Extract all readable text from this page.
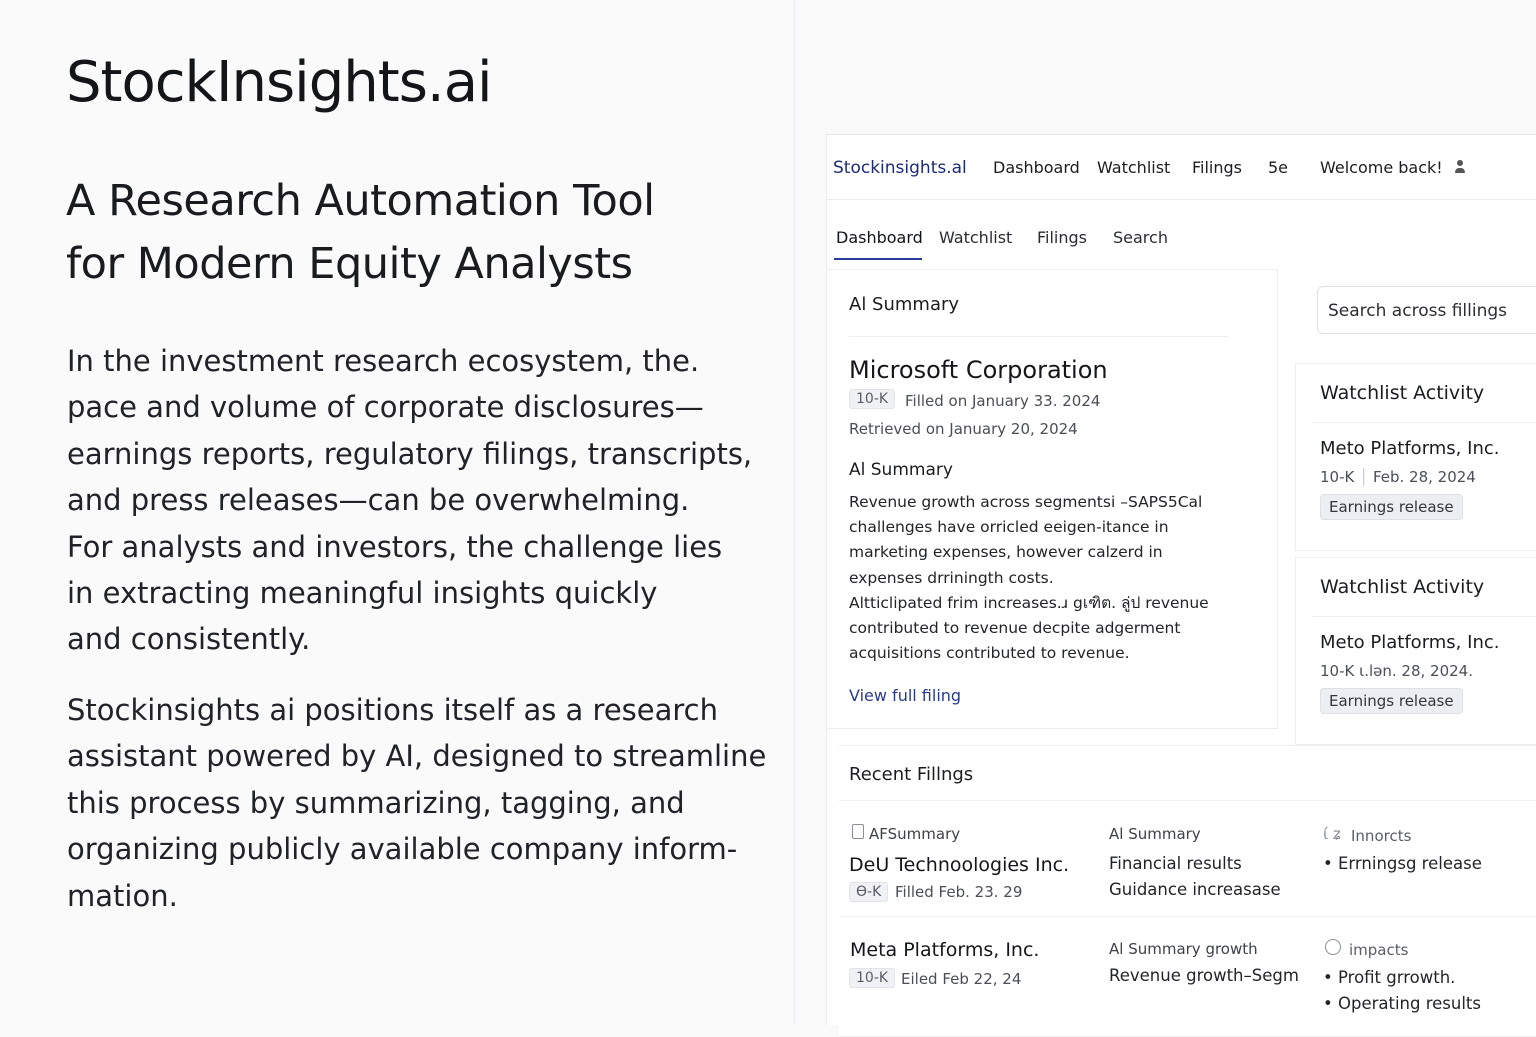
StockInsights.ai
A Research Automation Tool
for Modern Equity Analysts
In the investment research ecosystem, the.
pace and volume of corporate disclosures—
earnings reports, regulatory filings, transcripts,
and press releases—can be overwhelming.
For analysts and investors, the challenge lies
in extracting meaningful insights quickly
and consistently.
Stockinsights ai positions itself as a research
assistant powered by AI, designed to streamline
this process by summarizing, tagging, and
organizing publicly available company inform-
mation.
Stockinsights.al Dashboard Watchlist Filings 5e Welcome back!
Dashboard Watchlist Filings Search
Al Summary
Microsoft Corporation
10-K	Filled on January 33. 2024
Retrieved on January 20, 2024
Al Summary
Revenue growth across segmentsi –SAPS5Cal
challenges have orricled eeigen-itance in
marketing expenses, however calzerd in
expenses drriningth costs.
Altticlipated frim increases.ɹ gเฑิต. ลู่ป revenue
contributed to revenue decpite adgerment
acquisitions contributed to revenue.
View full filing
Search across fillings
Watchlist Activity
Meto Platforms, Inc.
10-K │ Feb. 28, 2024
Earnings release
Watchlist Activity
Meto Platforms, Inc.
10-K ɩ.lən. 28, 2024.
Earnings release
Recent Fillngs
AFSummary
DeU Technoologies Inc.
Ɵ-K Filled Feb. 23. 29
Al Summary
Financial results
Guidance increasase
ί ʑ Innorcts
• Errningsg release
Meta Platforms, Inc.
10-K Eiled Feb 22, 24
Al Summary growth
Revenue growth–Segm
impacts
• Profit grrowth.
• Operating results
